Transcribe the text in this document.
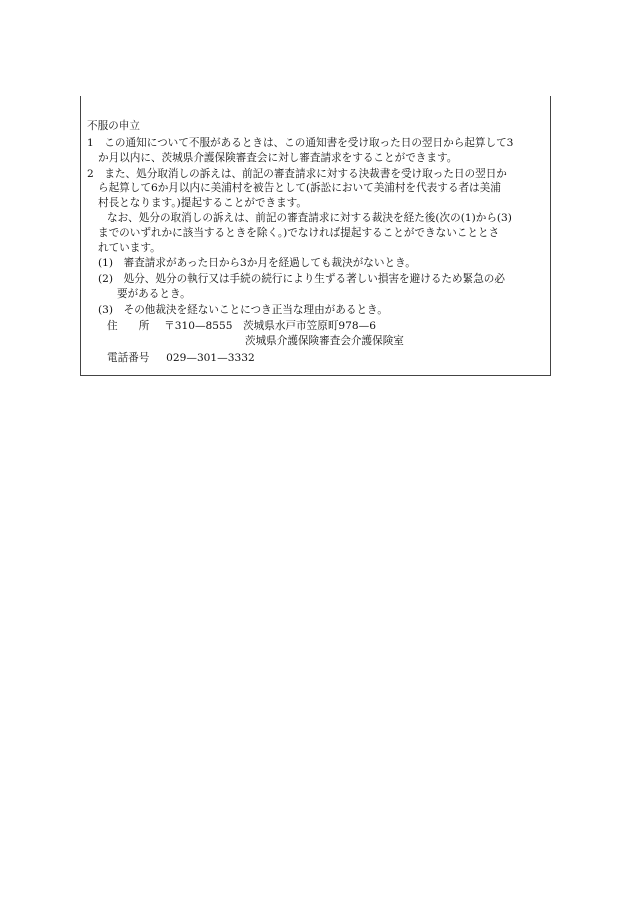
不服の申立
1　この通知について不服があるときは、この通知書を受け取った日の翌日から起算して3
か月以内に、茨城県介護保険審査会に対し審査請求をすることができます。
2　また、処分取消しの訴えは、前記の審査請求に対する決裁書を受け取った日の翌日か
ら起算して6か月以内に美浦村を被告として(訴訟において美浦村を代表する者は美浦
村長となります。)提起することができます。
なお、処分の取消しの訴えは、前記の審査請求に対する裁決を経た後(次の(1)から(3)
までのいずれかに該当するときを除く。)でなければ提起することができないこととさ
れています。
(1)　審査請求があった日から3か月を経過しても裁決がないとき。
(2)　処分、処分の執行又は手続の続行により生ずる著しい損害を避けるため緊急の必
要があるとき。
(3)　その他裁決を経ないことにつき正当な理由があるとき。
住　　所 〒310—8555　茨城県水戸市笠原町978—6
茨城県介護保険審査会介護保険室
電話番号 029—301—3332
